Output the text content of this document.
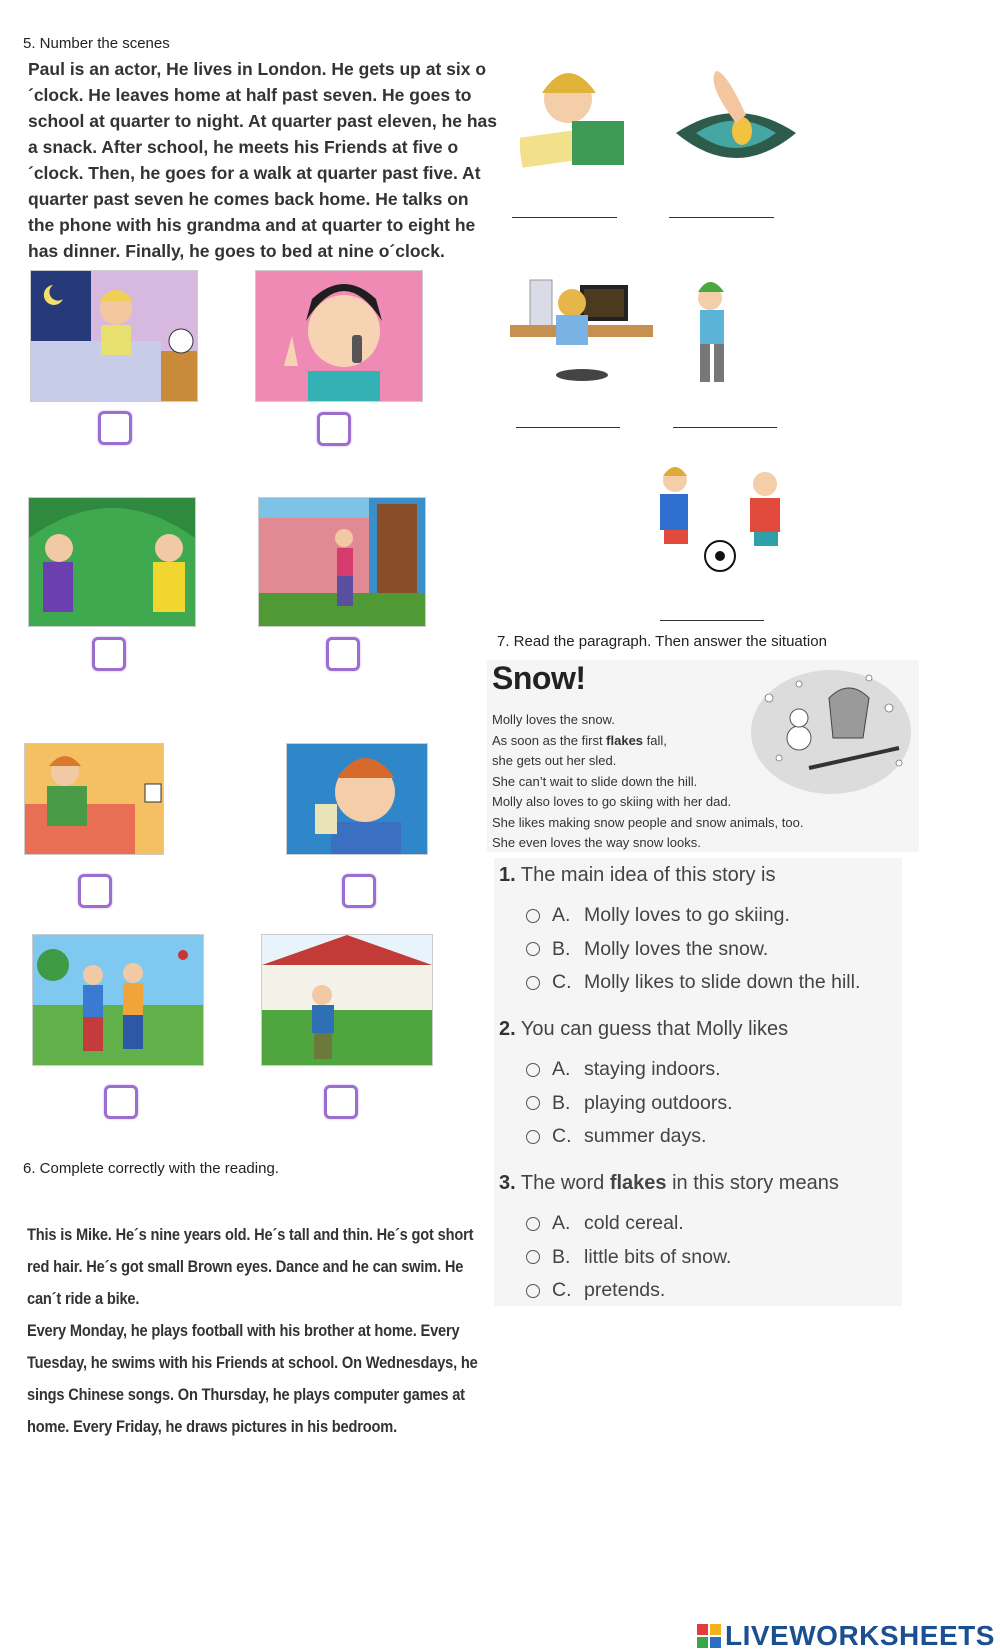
5. Number the scenes
Paul is an actor, He lives in London. He gets up at six o´clock. He leaves home at half past seven. He goes to school at quarter to night. At quarter past eleven, he has a snack. After school, he meets his Friends at five o´clock. Then, he goes for a walk at quarter past five. At quarter past seven he comes back home. He talks on the phone with his grandma and at quarter to eight he has dinner. Finally, he goes to bed at nine o´clock.
6. Complete correctly with the reading.
This is Mike. He´s nine years old. He´s tall and thin. He´s got short red hair. He´s got small Brown eyes. Dance and he can swim. He can´t ride a bike.
Every Monday, he plays football with his brother at home. Every Tuesday, he swims with his Friends at school. On Wednesdays, he sings Chinese songs. On Thursday, he plays computer games at home. Every Friday, he draws pictures in his bedroom.
7. Read the paragraph. Then answer the situation
Snow!
Molly loves the snow.
As soon as the first flakes fall,
she gets out her sled.
She can’t wait to slide down the hill.
Molly also loves to go skiing with her dad.
She likes making snow people and snow animals, too.
She even loves the way snow looks.
1. The main idea of this story is
A. Molly loves to go skiing.
B. Molly loves the snow.
C. Molly likes to slide down the hill.
2. You can guess that Molly likes
A. staying indoors.
B. playing outdoors.
C. summer days.
3. The word flakes in this story means
A. cold cereal.
B. little bits of snow.
C. pretends.
LIVEWORKSHEETS
